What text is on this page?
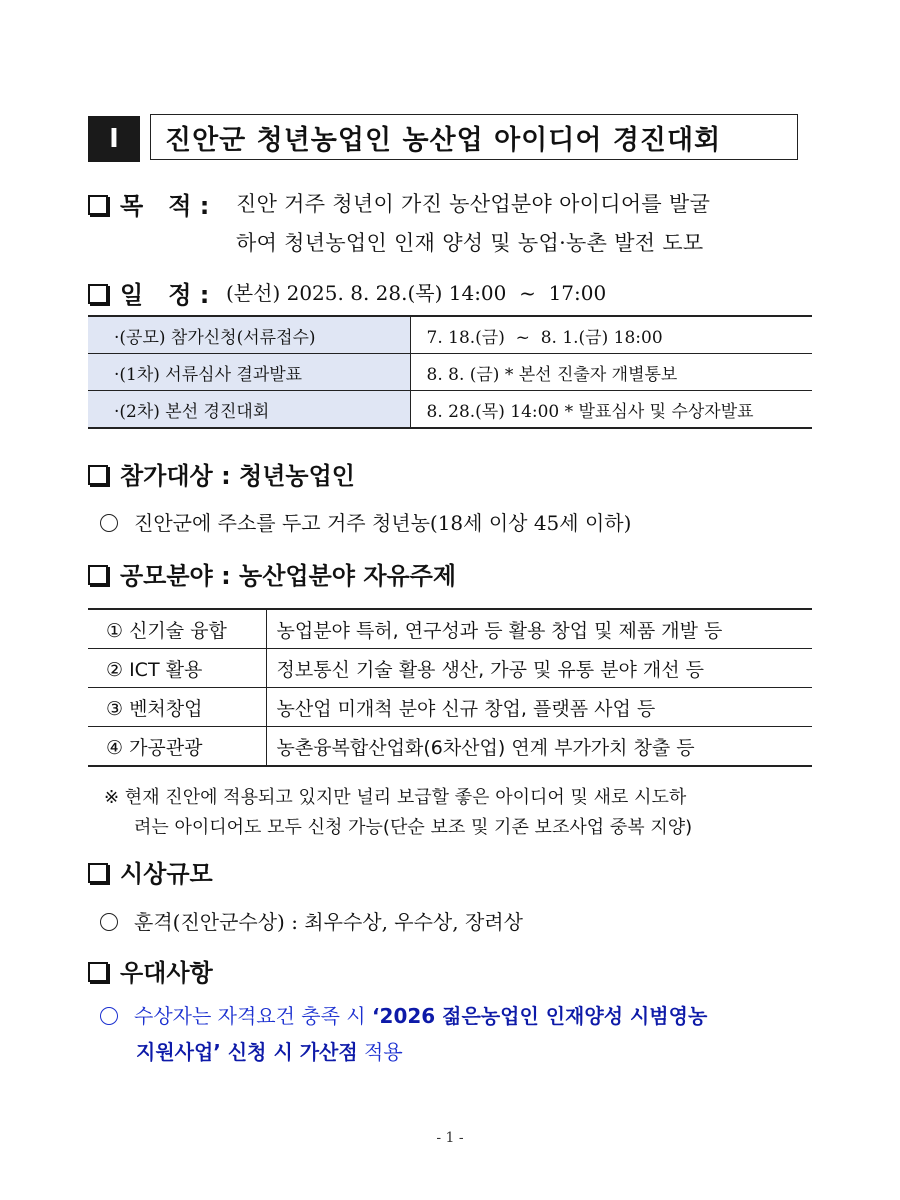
I	진안군 청년농업인 농산업 아이디어 경진대회
목   적 : 진안 거주 청년이 가진 농산업분야 아이디어를 발굴
하여 청년농업인 인재 양성 및 농업·농촌 발전 도모
일   정 : (본선) 2025. 8. 28.(목) 14:00  ~  17:00
·(공모) 참가신청(서류접수)	7. 18.(금)  ~  8. 1.(금) 18:00
·(1차) 서류심사 결과발표	8. 8. (금) * 본선 진출자 개별통보
·(2차) 본선 경진대회	8. 28.(목) 14:00 * 발표심사 및 수상자발표
참가대상 : 청년농업인
진안군에 주소를 두고 거주 청년농(18세 이상 45세 이하)
공모분야 : 농산업분야 자유주제
① 신기술 융합	농업분야 특허, 연구성과 등 활용 창업 및 제품 개발 등
② ICT 활용	정보통신 기술 활용 생산, 가공 및 유통 분야 개선 등
③ 벤처창업	농산업 미개척 분야 신규 창업, 플랫폼 사업 등
④ 가공관광	농촌융복합산업화(6차산업) 연계 부가가치 창출 등
※ 현재 진안에 적용되고 있지만 널리 보급할 좋은 아이디어 및 새로 시도하
려는 아이디어도 모두 신청 가능(단순 보조 및 기존 보조사업 중복 지양)
시상규모
훈격(진안군수상) : 최우수상, 우수상, 장려상
우대사항
수상자는 자격요건 충족 시 ‘2026 젊은농업인 인재양성 시범영농
지원사업’ 신청 시 가산점 적용
- 1 -
